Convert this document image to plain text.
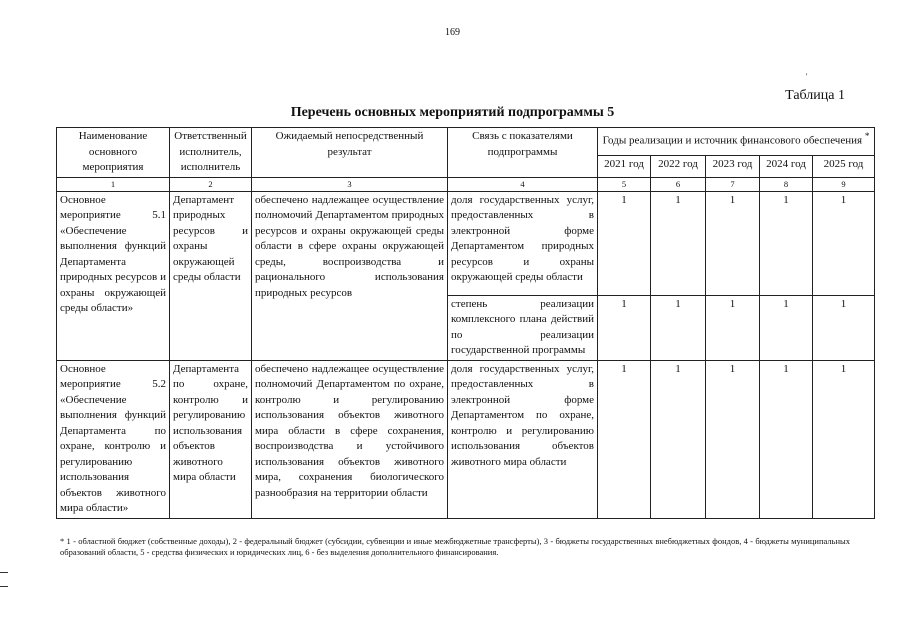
169
'
Таблица 1
Перечень основных мероприятий подпрограммы 5
Наименование основного мероприятия	Ответственный исполнитель, исполнитель	Ожидаемый непосредственный результат	Связь с показателями подпрограммы	Годы реализации и источник финансового обеспечения *
				2021 год	2022 год	2023 год	2024 год	2025 год
1	2	3	4	5	6	7	8	9
Основное мероприятие 5.1 «Обеспечение выполнения функций Департамента природных ресурсов и охраны окружающей среды области»	Департамент природных ресурсов и охраны окружающей среды области	обеспечено надлежащее осуществление полномочий Департаментом природных ресурсов и охраны окружающей среды области в сфере охраны окружающей среды, воспроизводства и рационального использования природных ресурсов	доля государственных услуг, предоставленных в электронной форме Департаментом природных ресурсов и охраны окружающей среды области	1	1	1	1	1
			степень реализации комплексного плана действий по реализации государственной программы	1	1	1	1	1
Основное мероприятие 5.2 «Обеспечение выполнения функций Департамента по охране, контролю и регулированию использования объектов животного мира области»	Департамента по охране, контролю и регулированию использования объектов животного мира области	обеспечено надлежащее осуществление полномочий Департаментом по охране, контролю и регулированию использования объектов животного мира области в сфере сохранения, воспроизводства и устойчивого использования объектов животного мира, сохранения биологического разнообразия на территории области	доля государственных услуг, предоставленных в электронной форме Департаментом по охране, контролю и регулированию использования объектов животного мира области	1	1	1	1	1
* 1 - областной бюджет (собственные доходы), 2 - федеральный бюджет (субсидии, субвенции и иные межбюджетные трансферты), 3 - бюджеты государственных внебюджетных фондов, 4 - бюджеты муниципальных образований области, 5 - средства физических и юридических лиц, 6 - без выделения дополнительного финансирования.
